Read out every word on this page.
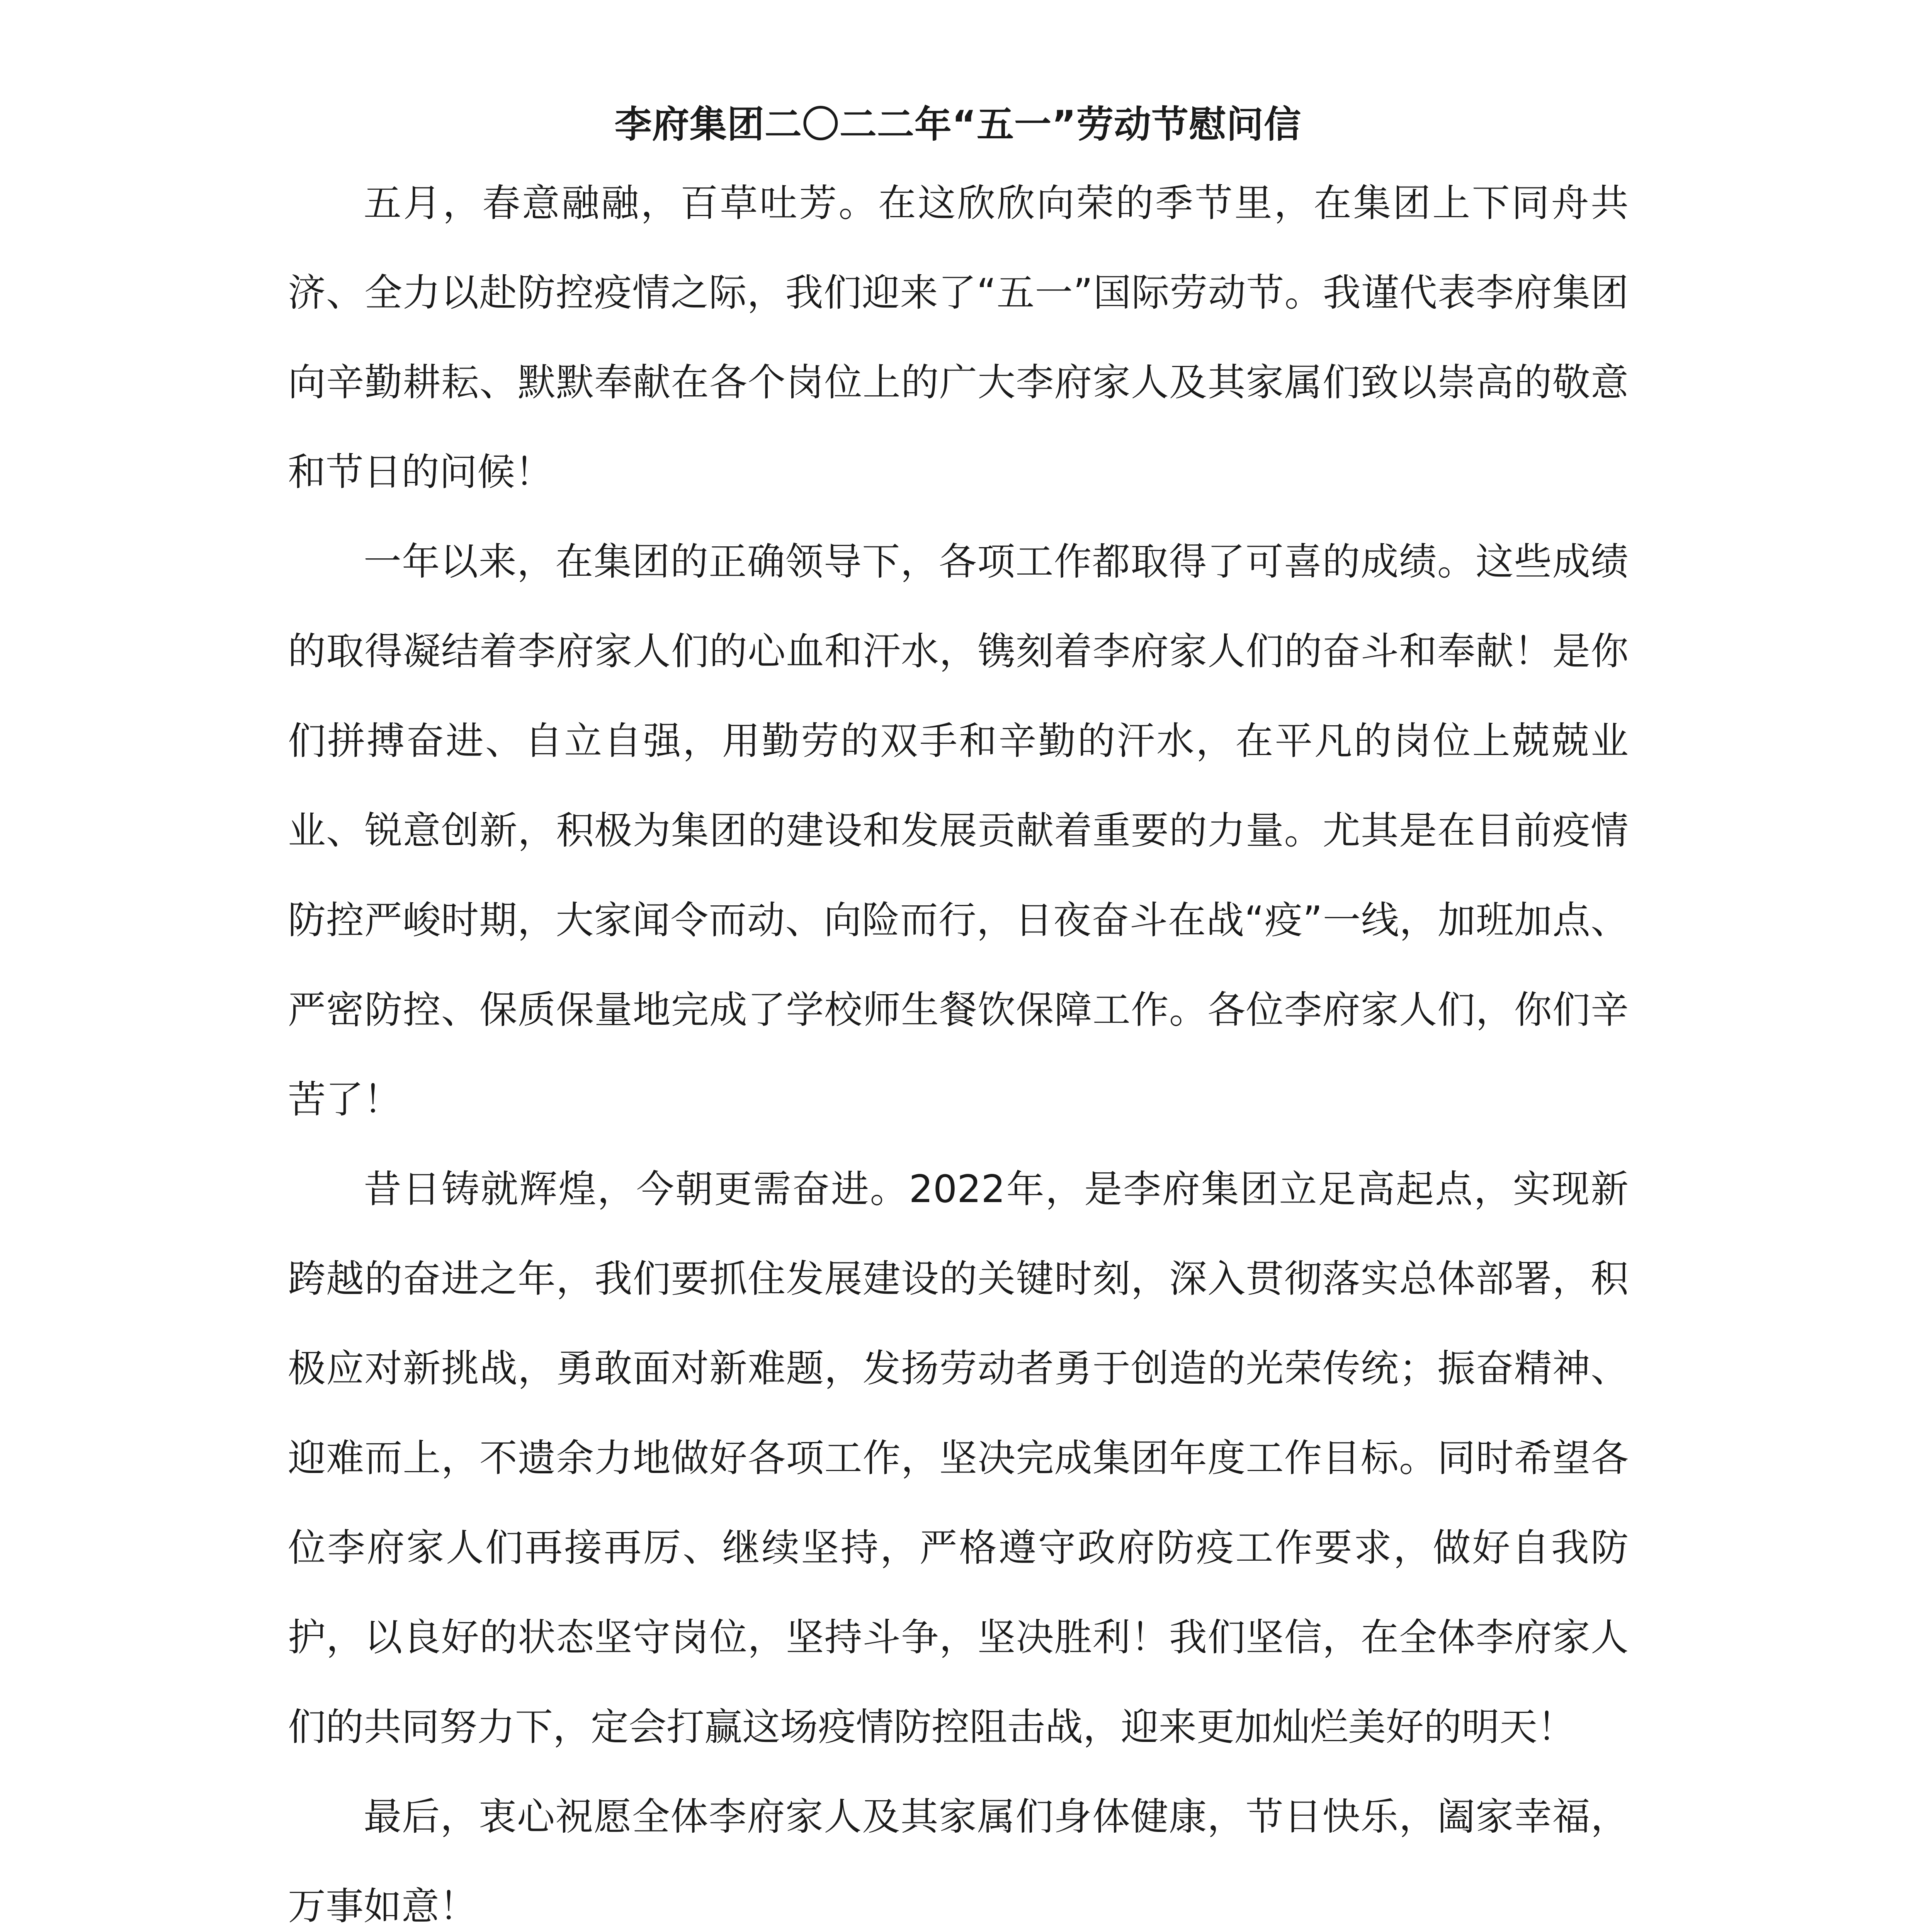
李府集团二〇二二年“五一”劳动节慰问信

五月，春意融融，百草吐芳。在这欣欣向荣的季节里，在集团上下同舟共济、全力以赴防控疫情之际，我们迎来了“五一”国际劳动节。我谨代表李府集团向辛勤耕耘、默默奉献在各个岗位上的广大李府家人及其家属们致以崇高的敬意和节日的问候！

一年以来，在集团的正确领导下，各项工作都取得了可喜的成绩。这些成绩的取得凝结着李府家人们的心血和汗水，镌刻着李府家人们的奋斗和奉献！是你们拼搏奋进、自立自强，用勤劳的双手和辛勤的汗水，在平凡的岗位上兢兢业业、锐意创新，积极为集团的建设和发展贡献着重要的力量。尤其是在目前疫情防控严峻时期，大家闻令而动、向险而行，日夜奋斗在战“疫”一线，加班加点、严密防控、保质保量地完成了学校师生餐饮保障工作。各位李府家人们，你们辛苦了！

昔日铸就辉煌，今朝更需奋进。2022年，是李府集团立足高起点，实现新跨越的奋进之年，我们要抓住发展建设的关键时刻，深入贯彻落实总体部署，积极应对新挑战，勇敢面对新难题，发扬劳动者勇于创造的光荣传统；振奋精神、迎难而上，不遗余力地做好各项工作，坚决完成集团年度工作目标。同时希望各位李府家人们再接再厉、继续坚持，严格遵守政府防疫工作要求，做好自我防护，以良好的状态坚守岗位，坚持斗争，坚决胜利！我们坚信，在全体李府家人们的共同努力下，定会打赢这场疫情防控阻击战，迎来更加灿烂美好的明天！

最后，衷心祝愿全体李府家人及其家属们身体健康，节日快乐，阖家幸福，万事如意！
